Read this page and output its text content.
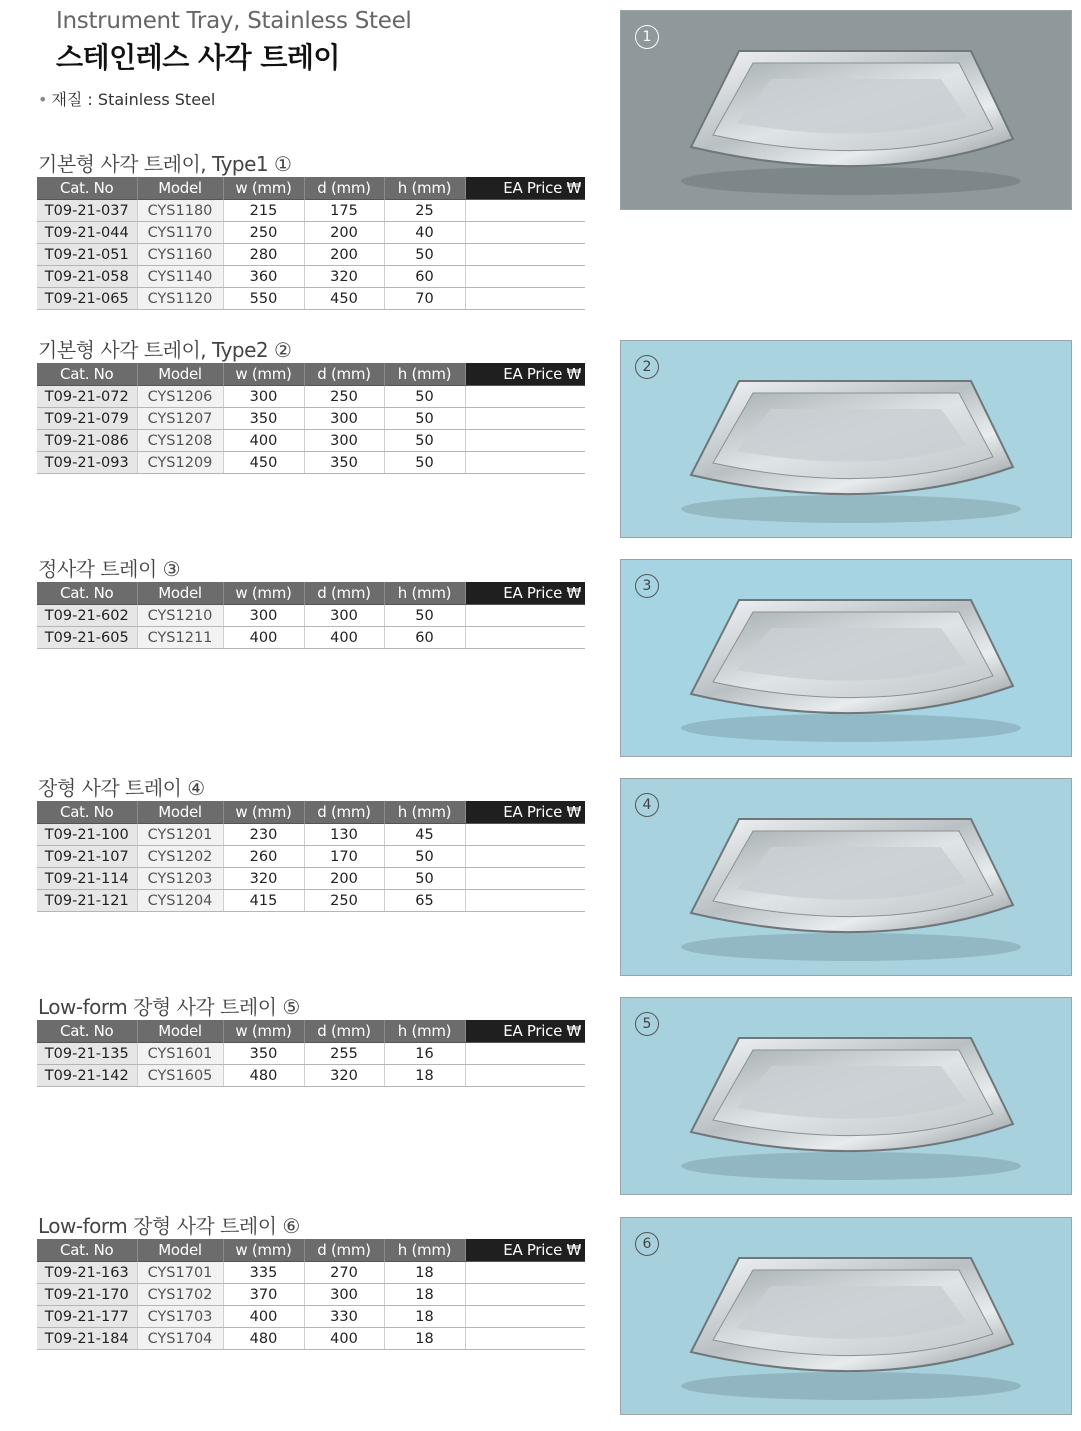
Instrument Tray, Stainless Steel
스테인레스 사각 트레이
• 재질 : Stainless Steel
기본형 사각 트레이, Type1 ①
Cat. No	Model	w (mm)	d (mm)	h (mm)		EA Price ₩
T09-21-037	CYS1180	215	175	25		
T09-21-044	CYS1170	250	200	40		
T09-21-051	CYS1160	280	200	50		
T09-21-058	CYS1140	360	320	60		
T09-21-065	CYS1120	550	450	70		
기본형 사각 트레이, Type2 ②
Cat. No	Model	w (mm)	d (mm)	h (mm)		EA Price ₩
T09-21-072	CYS1206	300	250	50		
T09-21-079	CYS1207	350	300	50		
T09-21-086	CYS1208	400	300	50		
T09-21-093	CYS1209	450	350	50		
정사각 트레이 ③
Cat. No	Model	w (mm)	d (mm)	h (mm)		EA Price ₩
T09-21-602	CYS1210	300	300	50		
T09-21-605	CYS1211	400	400	60		
장형 사각 트레이 ④
Cat. No	Model	w (mm)	d (mm)	h (mm)		EA Price ₩
T09-21-100	CYS1201	230	130	45		
T09-21-107	CYS1202	260	170	50		
T09-21-114	CYS1203	320	200	50		
T09-21-121	CYS1204	415	250	65		
Low-form 장형 사각 트레이 ⑤
Cat. No	Model	w (mm)	d (mm)	h (mm)		EA Price ₩
T09-21-135	CYS1601	350	255	16		
T09-21-142	CYS1605	480	320	18		
Low-form 장형 사각 트레이 ⑥
Cat. No	Model	w (mm)	d (mm)	h (mm)		EA Price ₩
T09-21-163	CYS1701	335	270	18		
T09-21-170	CYS1702	370	300	18		
T09-21-177	CYS1703	400	330	18		
T09-21-184	CYS1704	480	400	18		
1
2
3
4
5
6
